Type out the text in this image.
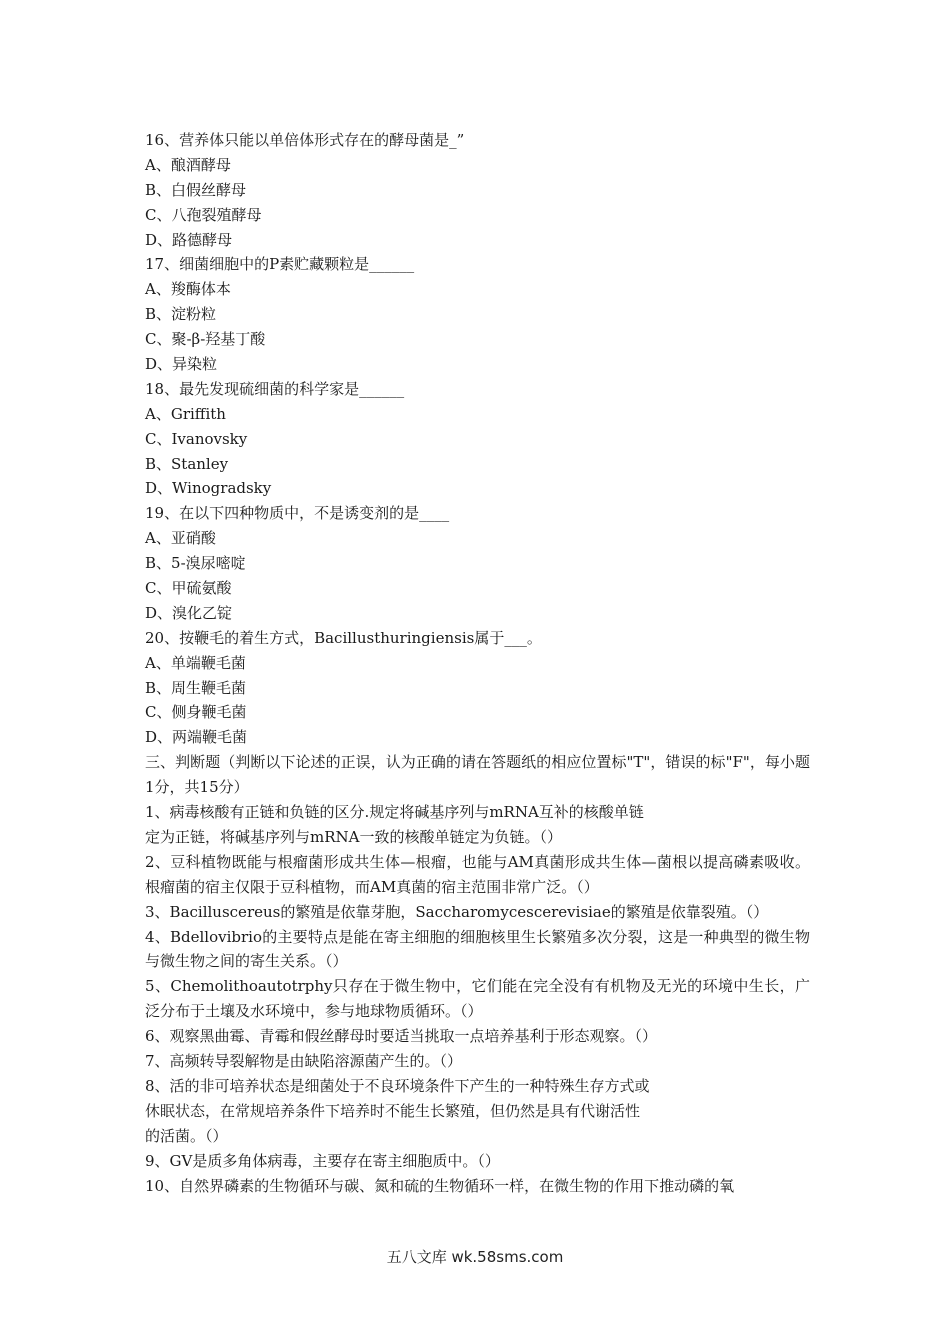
16、营养体只能以单倍体形式存在的酵母菌是_”
A、酿酒酵母
B、白假丝酵母
C、八孢裂殖酵母
D、路德酵母
17、细菌细胞中的P素贮藏颗粒是______
A、羧酶体本
B、淀粉粒
C、聚-β-羟基丁酸
D、异染粒
18、最先发现硫细菌的科学家是______
A、Griffith
C、Ivanovsky
B、Stanley
D、Winogradsky
19、在以下四种物质中，不是诱变剂的是____
A、亚硝酸
B、5-溴尿嘧啶
C、甲硫氨酸
D、溴化乙锭
20、按鞭毛的着生方式，Bacillusthuringiensis属于___。
A、单端鞭毛菌
B、周生鞭毛菌
C、侧身鞭毛菌
D、两端鞭毛菌
三、判断题（判断以下论述的正误，认为正确的请在答题纸的相应位置标"T"，错误的标"F"，每小题1分，共15分）
1、病毒核酸有正链和负链的区分.规定将碱基序列与mRNA互补的核酸单链
定为正链，将碱基序列与mRNA一致的核酸单链定为负链。（）
2、豆科植物既能与根瘤菌形成共生体—根瘤，也能与AM真菌形成共生体—菌根以提高磷素吸收。根瘤菌的宿主仅限于豆科植物，而AM真菌的宿主范围非常广泛。（）
3、Bacilluscereus的繁殖是依靠芽胞，Saccharomycescerevisiae的繁殖是依靠裂殖。（）
4、Bdellovibrio的主要特点是能在寄主细胞的细胞核里生长繁殖多次分裂，这是一种典型的微生物与微生物之间的寄生关系。（）
5、Chemolithoautotrphy只存在于微生物中，它们能在完全没有有机物及无光的环境中生长，广泛分布于土壤及水环境中，参与地球物质循环。（）
6、观察黑曲霉、青霉和假丝酵母时要适当挑取一点培养基利于形态观察。（）
7、高频转导裂解物是由缺陷溶源菌产生的。（）
8、活的非可培养状态是细菌处于不良环境条件下产生的一种特殊生存方式或
休眠状态，在常规培养条件下培养时不能生长繁殖，但仍然是具有代谢活性
的活菌。（）
9、GV是质多角体病毒，主要存在寄主细胞质中。（）
10、自然界磷素的生物循环与碳、氮和硫的生物循环一样，在微生物的作用下推动磷的氧
五八文库 wk.58sms.com
